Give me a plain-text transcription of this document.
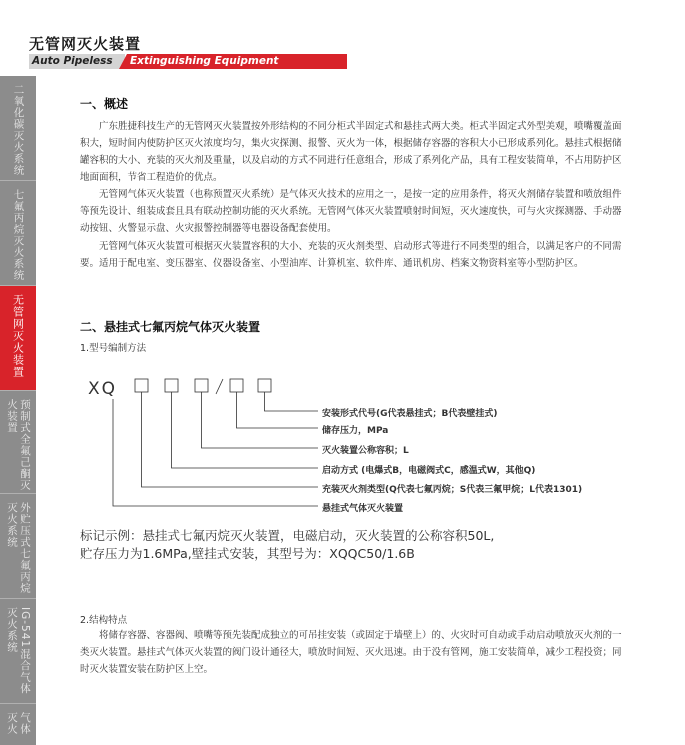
无管网灭火装置
Auto Pipeless Extinguishing Equipment
二氧化碳灭火系统
七氟丙烷灭火系统
无管网灭火装置
预制式全氟己酮灭火装置
外贮压式七氟丙烷灭火系统
IG-541混合气体灭火系统
气体灭火
一、概述

广东胜捷科技生产的无管网灭火装置按外形结构的不同分柜式半固定式和悬挂式两大类。柜式半固定式外型美观，喷嘴覆盖面积大，短时间内使防护区灭火浓度均匀，集火灾探测、报警、灭火为一体，根据储存容器的容积大小已形成系列化。悬挂式根据储罐容积的大小、充装的灭火剂及重量，以及启动的方式不同进行任意组合，形成了系列化产品，具有工程安装简单，不占用防护区地面面积，节省工程造价的优点。

无管网气体灭火装置（也称预置灭火系统）是气体灭火技术的应用之一，是按一定的应用条件，将灭火剂储存装置和喷放组件等预先设计、组装成套且具有联动控制功能的灭火系统。无管网气体灭火装置喷射时间短，灭火速度快，可与火灾探测器、手动器动按钮、火警显示盘、火灾报警控制器等电器设备配套使用。

无管网气体灭火装置可根据灭火装置容积的大小、充装的灭火剂类型、启动形式等进行不同类型的组合，以满足客户的不同需要。适用于配电室、变压器室、仪器设备室、小型油库、计算机室、软件库、通讯机房、档案文物资料室等小型防护区。

二、悬挂式七氟丙烷气体灭火装置
1.型号编制方法
XQ
安装形式代号(G代表悬挂式；B代表壁挂式)
储存压力，MPa
灭火装置公称容积；L
启动方式 (电爆式B，电磁阀式C，感温式W，其他Q)
充装灭火剂类型(Q代表七氟丙烷；S代表三氟甲烷；L代表1301)
悬挂式气体灭火装置
标记示例：悬挂式七氟丙烷灭火装置，电磁启动，灭火装置的公称容积50L,
贮存压力为1.6MPa,壁挂式安装，其型号为：XQQC50/1.6B
2.结构特点

将储存容器、容器阀、喷嘴等预先装配成独立的可吊挂安装（或固定于墙壁上）的、火灾时可自动或手动启动喷放灭火剂的一类灭火装置。悬挂式气体灭火装置的阀门设计通径大，喷放时间短、灭火迅速。由于没有管网，施工安装简单，减少工程投资；同时灭火装置安装在防护区上空。
